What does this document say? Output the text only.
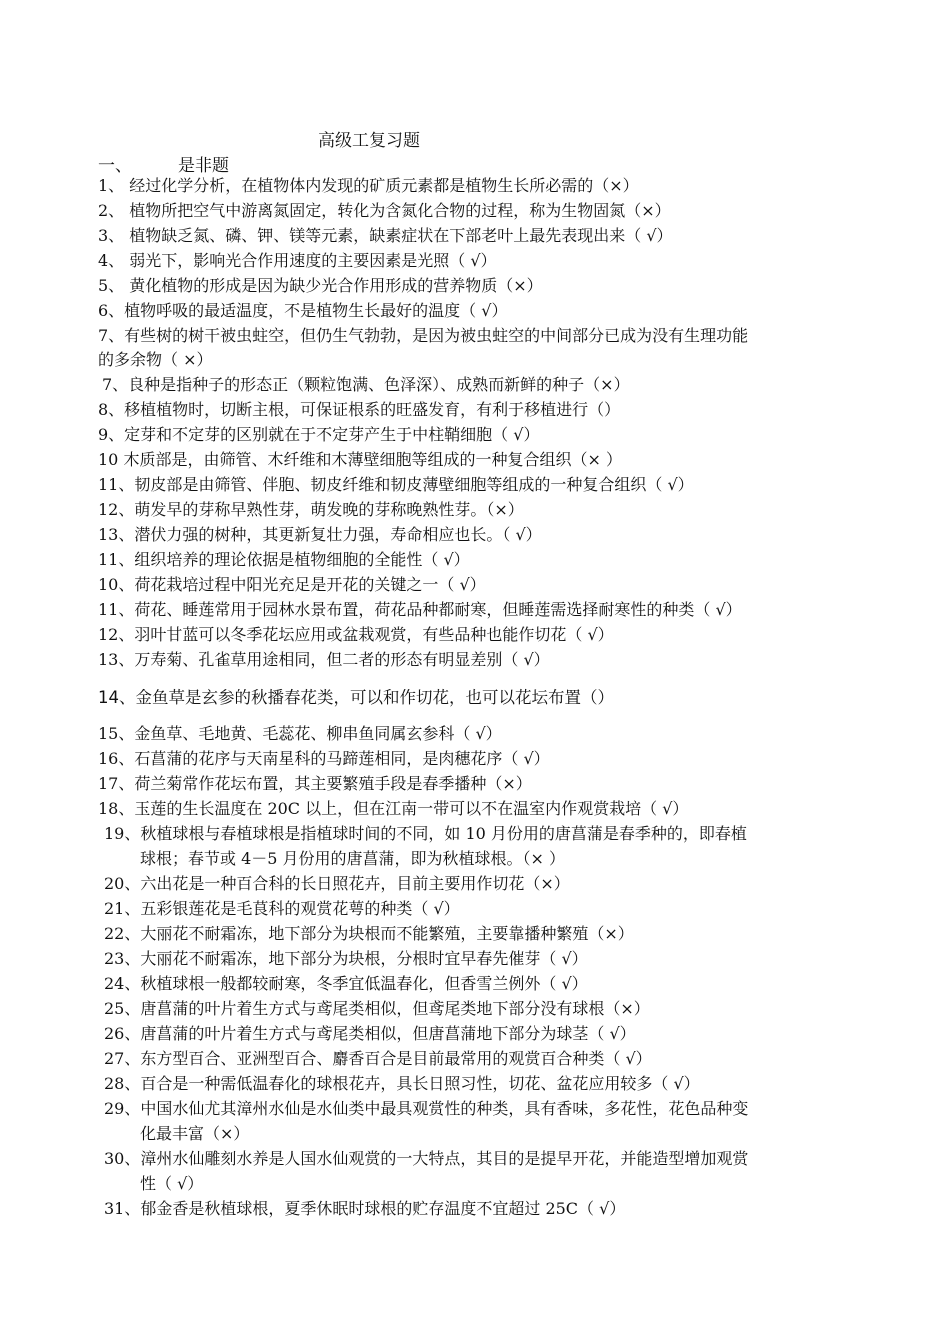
高级工复习题
一、	是非题
1、 经过化学分析，在植物体内发现的矿质元素都是植物生长所必需的（×）
2、 植物所把空气中游离氮固定，转化为含氮化合物的过程，称为生物固氮（×）
3、 植物缺乏氮、磷、钾、镁等元素，缺素症状在下部老叶上最先表现出来（ √）
4、 弱光下，影响光合作用速度的主要因素是光照（ √）
5、 黄化植物的形成是因为缺少光合作用形成的营养物质（×）
6、植物呼吸的最适温度，不是植物生长最好的温度（ √）
7、有些树的树干被虫蛀空，但仍生气勃勃，是因为被虫蛀空的中间部分已成为没有生理功能
的多余物（ ×）
7、良种是指种子的形态正（颗粒饱满、色泽深）、成熟而新鲜的种子（×）
8、移植植物时，切断主根，可保证根系的旺盛发育，有利于移植进行（）
9、定芽和不定芽的区别就在于不定芽产生于中柱鞘细胞（ √）
10 木质部是，由筛管、木纤维和木薄壁细胞等组成的一种复合组织（× ）
11、韧皮部是由筛管、伴胞、韧皮纤维和韧皮薄壁细胞等组成的一种复合组织（ √）
12、萌发早的芽称早熟性芽，萌发晚的芽称晚熟性芽。（×）
13、潜伏力强的树种，其更新复壮力强，寿命相应也长。（ √）
11、组织培养的理论依据是植物细胞的全能性（ √）
10、荷花栽培过程中阳光充足是开花的关键之一（ √）
11、荷花、睡莲常用于园林水景布置，荷花品种都耐寒，但睡莲需选择耐寒性的种类（ √）
12、羽叶甘蓝可以冬季花坛应用或盆栽观赏，有些品种也能作切花（ √）
13、万寿菊、孔雀草用途相同，但二者的形态有明显差别（ √）
14、金鱼草是玄参的秋播春花类，可以和作切花，也可以花坛布置（）
15、金鱼草、毛地黄、毛蕊花、柳串鱼同属玄参科（ √）
16、石菖蒲的花序与天南星科的马蹄莲相同，是肉穗花序（ √）
17、荷兰菊常作花坛布置，其主要繁殖手段是春季播种（×）
18、玉莲的生长温度在 20C 以上，但在江南一带可以不在温室内作观赏栽培（ √）
19、秋植球根与春植球根是指植球时间的不同，如 10 月份用的唐菖蒲是春季种的，即春植
球根；春节或 4－5 月份用的唐菖蒲，即为秋植球根。（× ）
20、六出花是一种百合科的长日照花卉，目前主要用作切花（×）
21、五彩银莲花是毛茛科的观赏花萼的种类（ √）
22、大丽花不耐霜冻，地下部分为块根而不能繁殖，主要靠播种繁殖（×）
23、大丽花不耐霜冻，地下部分为块根，分根时宜早春先催芽（ √）
24、秋植球根一般都较耐寒，冬季宜低温春化，但香雪兰例外（ √）
25、唐菖蒲的叶片着生方式与鸢尾类相似，但鸢尾类地下部分没有球根（×）
26、唐菖蒲的叶片着生方式与鸢尾类相似，但唐菖蒲地下部分为球茎（ √）
27、东方型百合、亚洲型百合、麝香百合是目前最常用的观赏百合种类（ √）
28、百合是一种需低温春化的球根花卉，具长日照习性，切花、盆花应用较多（ √）
29、中国水仙尤其漳州水仙是水仙类中最具观赏性的种类，具有香味，多花性，花色品种变
化最丰富（×）
30、漳州水仙雕刻水养是人国水仙观赏的一大特点，其目的是提早开花，并能造型增加观赏
性（ √）
31、郁金香是秋植球根，夏季休眠时球根的贮存温度不宜超过 25C（ √）
